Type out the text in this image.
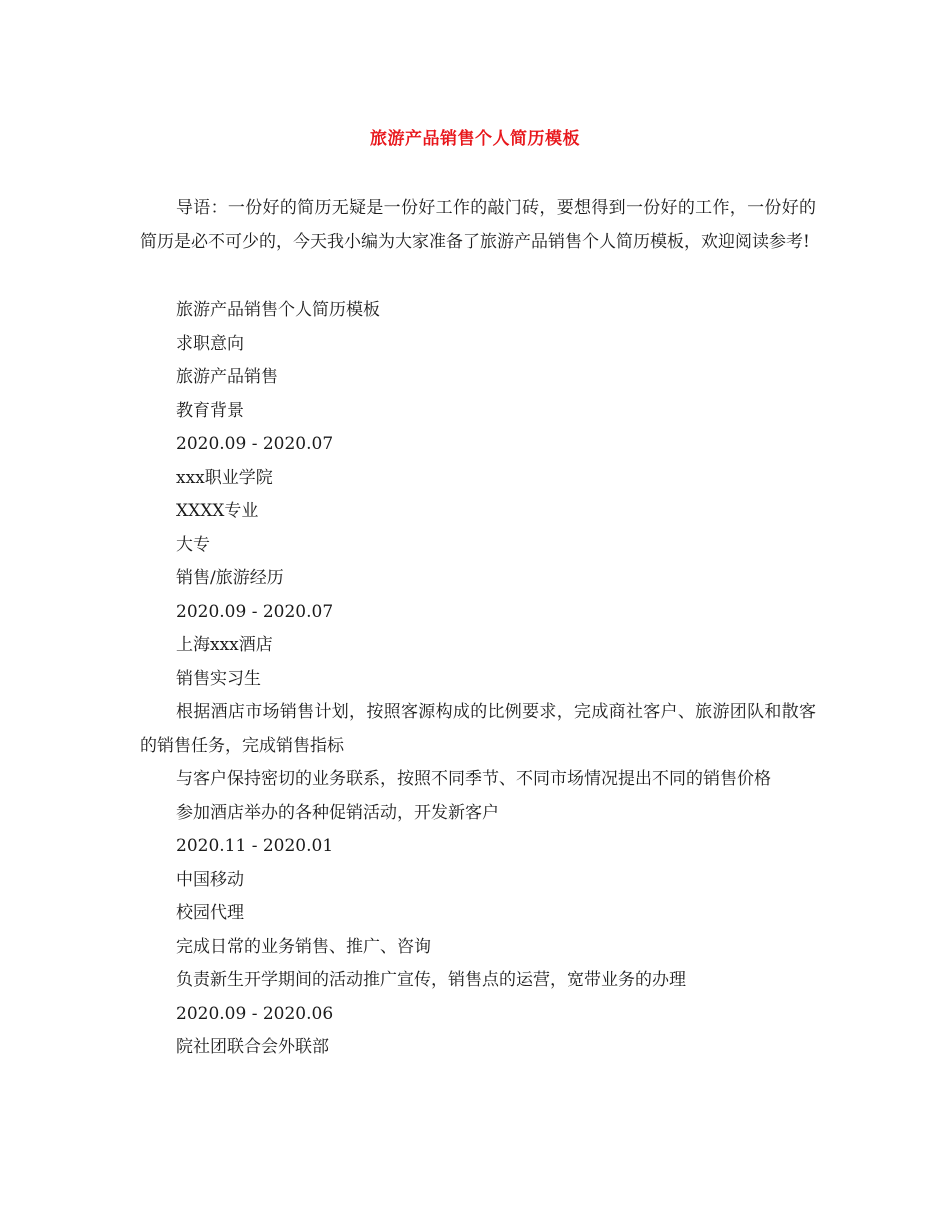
旅游产品销售个人简历模板
导语：一份好的简历无疑是一份好工作的敲门砖，要想得到一份好的工作，一份好的简历是必不可少的，今天我小编为大家准备了旅游产品销售个人简历模板，欢迎阅读参考!
旅游产品销售个人简历模板
求职意向
旅游产品销售
教育背景
2020.09 - 2020.07
xxx职业学院
XXXX专业
大专
销售/旅游经历
2020.09 - 2020.07
上海xxx酒店
销售实习生
根据酒店市场销售计划，按照客源构成的比例要求，完成商社客户、旅游团队和散客的销售任务，完成销售指标
与客户保持密切的业务联系，按照不同季节、不同市场情况提出不同的销售价格
参加酒店举办的各种促销活动，开发新客户
2020.11 - 2020.01
中国移动
校园代理
完成日常的业务销售、推广、咨询
负责新生开学期间的活动推广宣传，销售点的运营，宽带业务的办理
2020.09 - 2020.06
院社团联合会外联部
